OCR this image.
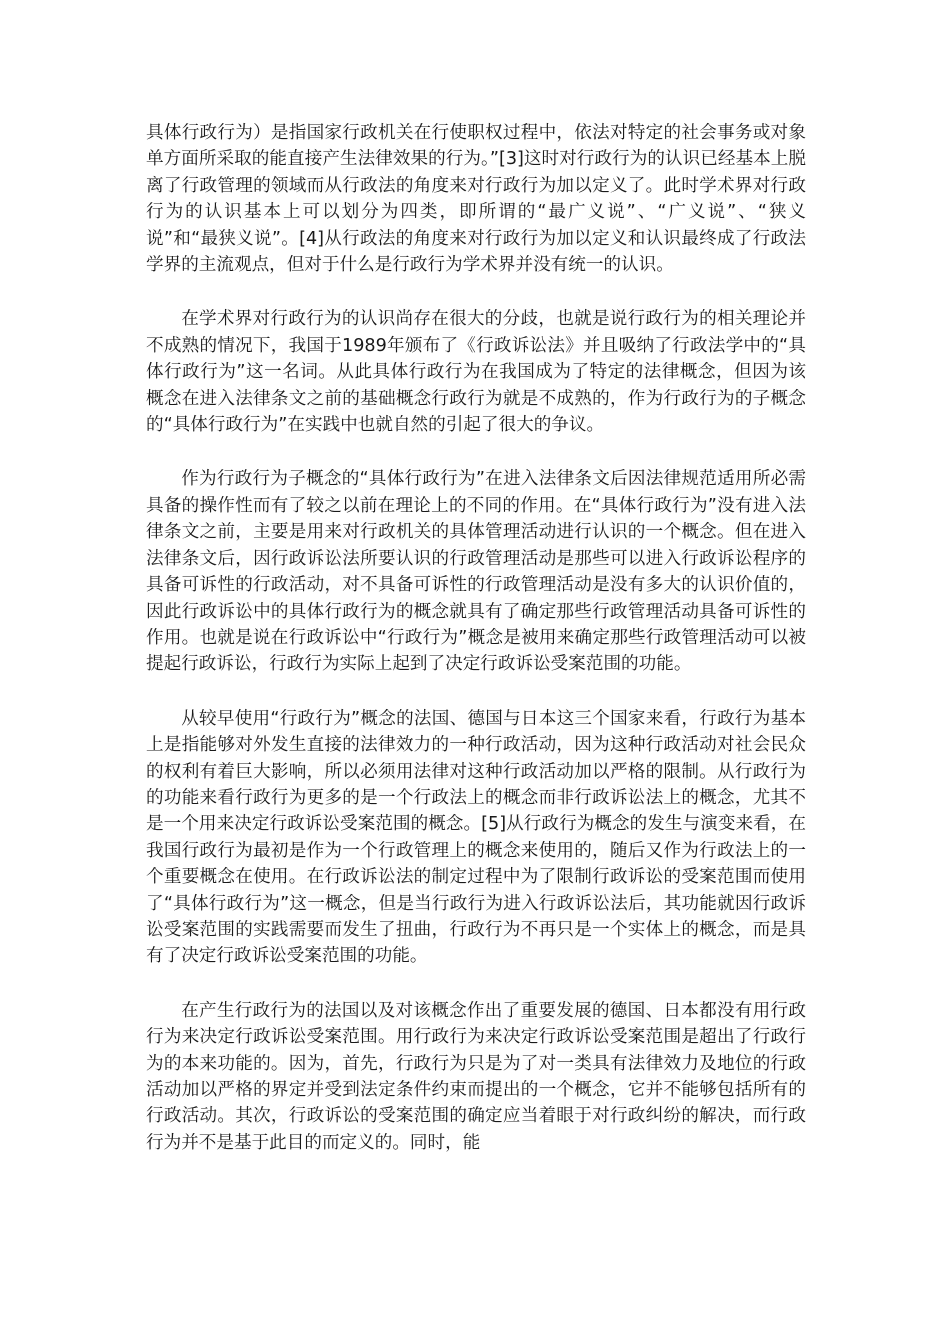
具体行政行为）是指国家行政机关在行使职权过程中，依法对特定的社会事务或对象单方面所采取的能直接产生法律效果的行为。”[3]这时对行政行为的认识已经基本上脱离了行政管理的领域而从行政法的角度来对行政行为加以定义了。此时学术界对行政行为的认识基本上可以划分为四类，即所谓的“最广义说”、“广义说”、“狭义说”和“最狭义说”。[4]从行政法的角度来对行政行为加以定义和认识最终成了行政法学界的主流观点，但对于什么是行政行为学术界并没有统一的认识。

在学术界对行政行为的认识尚存在很大的分歧，也就是说行政行为的相关理论并不成熟的情况下，我国于1989年颁布了《行政诉讼法》并且吸纳了行政法学中的“具体行政行为”这一名词。从此具体行政行为在我国成为了特定的法律概念，但因为该概念在进入法律条文之前的基础概念行政行为就是不成熟的，作为行政行为的子概念的“具体行政行为”在实践中也就自然的引起了很大的争议。

作为行政行为子概念的“具体行政行为”在进入法律条文后因法律规范适用所必需具备的操作性而有了较之以前在理论上的不同的作用。在“具体行政行为”没有进入法律条文之前，主要是用来对行政机关的具体管理活动进行认识的一个概念。但在进入法律条文后，因行政诉讼法所要认识的行政管理活动是那些可以进入行政诉讼程序的具备可诉性的行政活动，对不具备可诉性的行政管理活动是没有多大的认识价值的，因此行政诉讼中的具体行政行为的概念就具有了确定那些行政管理活动具备可诉性的作用。也就是说在行政诉讼中“行政行为”概念是被用来确定那些行政管理活动可以被提起行政诉讼，行政行为实际上起到了决定行政诉讼受案范围的功能。

从较早使用“行政行为”概念的法国、德国与日本这三个国家来看，行政行为基本上是指能够对外发生直接的法律效力的一种行政活动，因为这种行政活动对社会民众的权利有着巨大影响，所以必须用法律对这种行政活动加以严格的限制。从行政行为的功能来看行政行为更多的是一个行政法上的概念而非行政诉讼法上的概念，尤其不是一个用来决定行政诉讼受案范围的概念。[5]从行政行为概念的发生与演变来看，在我国行政行为最初是作为一个行政管理上的概念来使用的，随后又作为行政法上的一个重要概念在使用。在行政诉讼法的制定过程中为了限制行政诉讼的受案范围而使用了“具体行政行为”这一概念，但是当行政行为进入行政诉讼法后，其功能就因行政诉讼受案范围的实践需要而发生了扭曲，行政行为不再只是一个实体上的概念，而是具有了决定行政诉讼受案范围的功能。

在产生行政行为的法国以及对该概念作出了重要发展的德国、日本都没有用行政行为来决定行政诉讼受案范围。用行政行为来决定行政诉讼受案范围是超出了行政行为的本来功能的。因为，首先，行政行为只是为了对一类具有法律效力及地位的行政活动加以严格的界定并受到法定条件约束而提出的一个概念，它并不能够包括所有的行政活动。其次，行政诉讼的受案范围的确定应当着眼于对行政纠纷的解决，而行政行为并不是基于此目的而定义的。同时，能
